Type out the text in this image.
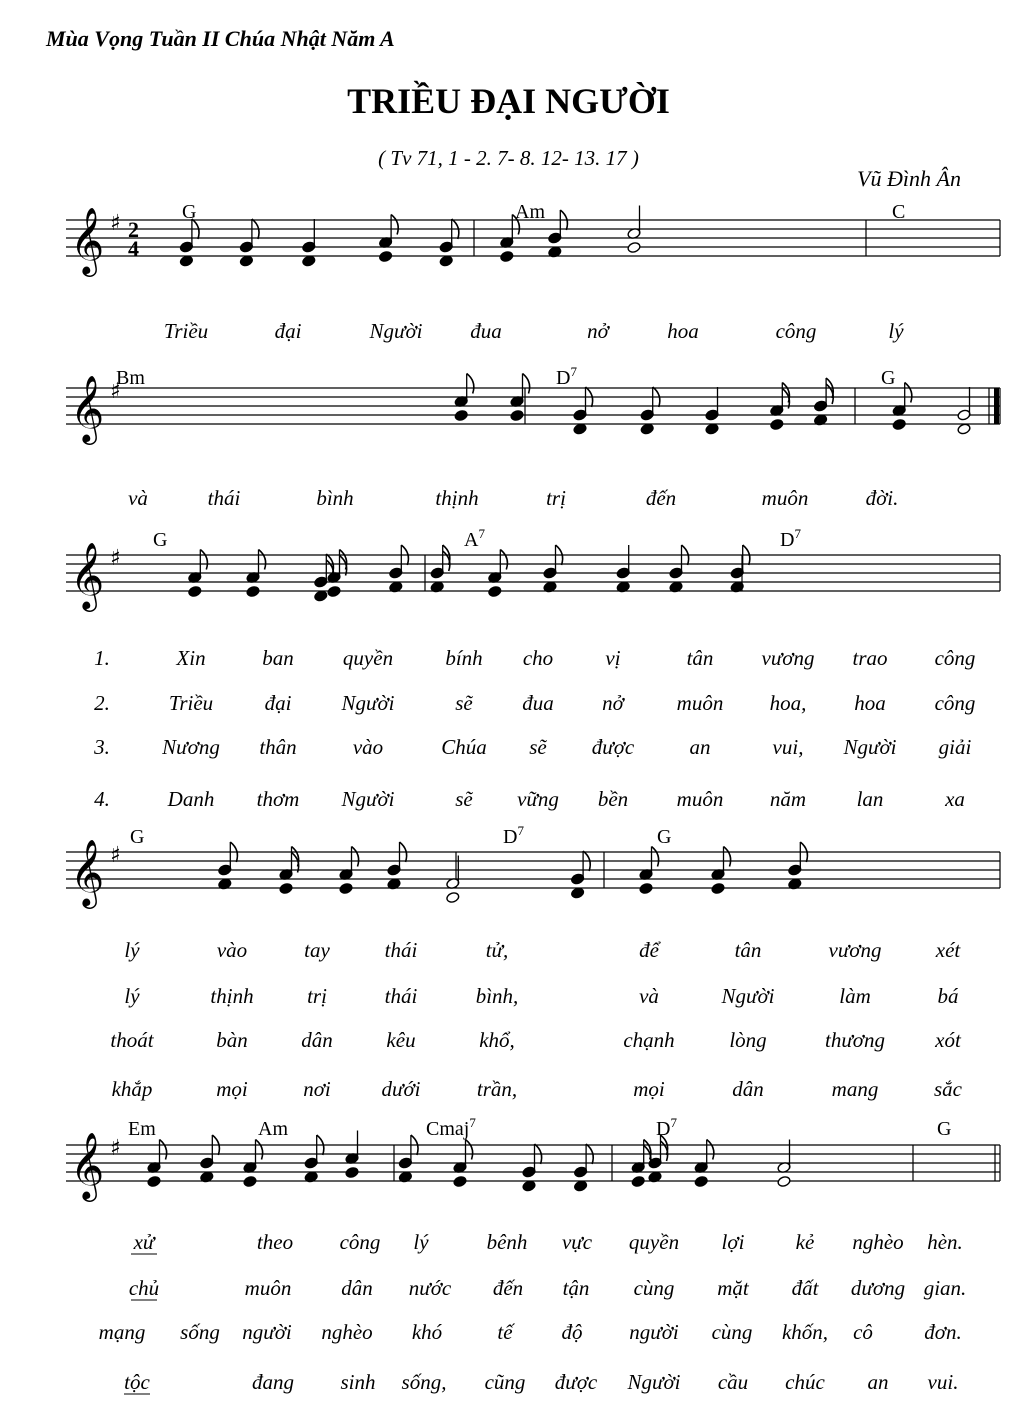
Mùa Vọng Tuần II Chúa Nhật Năm A
TRIỀU ĐẠI NGƯỜI
( Tv 71, 1 - 2. 7- 8. 12- 13. 17 )
Vũ Đình Ân
𝄞 ♯ 2
4
G	Am	C
Triều	đại	Người đua	nở	hoa	công	lý
𝄞 ♯
Bm	$D^7$	G
và	thái	bình	thịnh	trị	đến	muôn	đời.
𝄞 ♯
G	$A^7$	$D^7$
1.	Xin	ban quyền bính cho vị	tân vương trao công
2.	Triều đại Người	sẽ đua nở	muôn hoa, hoa công
3. Nương thân	vào	Chúa sẽ được	an	vui, Người giải
4.	Danh thơm Người	sẽ vững bền muôn năm lan	xa
𝄞 ♯
G	$D^7$	G
lý	vào	tay	thái	tử,	để	tân	vương	xét
lý	thịnh	trị	thái	bình,	và	Người	làm	bá
thoát	bàn	dân	kêu	khổ,	chạnh	lòng	thương xót
khắp	mọi	nơi dưới	trần,	mọi	dân	mang	sắc
𝄞 ♯
Em	Am	Cmaj$^7$	$D^7$	G
xử	theo công lý	bênh vực quyền lợi kẻ nghèo hèn.
chủ	muôn dân nước đến tận cùng mặt đất dương gian.
mạng sống người nghèo khó	tế độ người cùng khốn, cô đơn.
tộc	đang sinh sống, cũng được Người cầu chúc an vui.
